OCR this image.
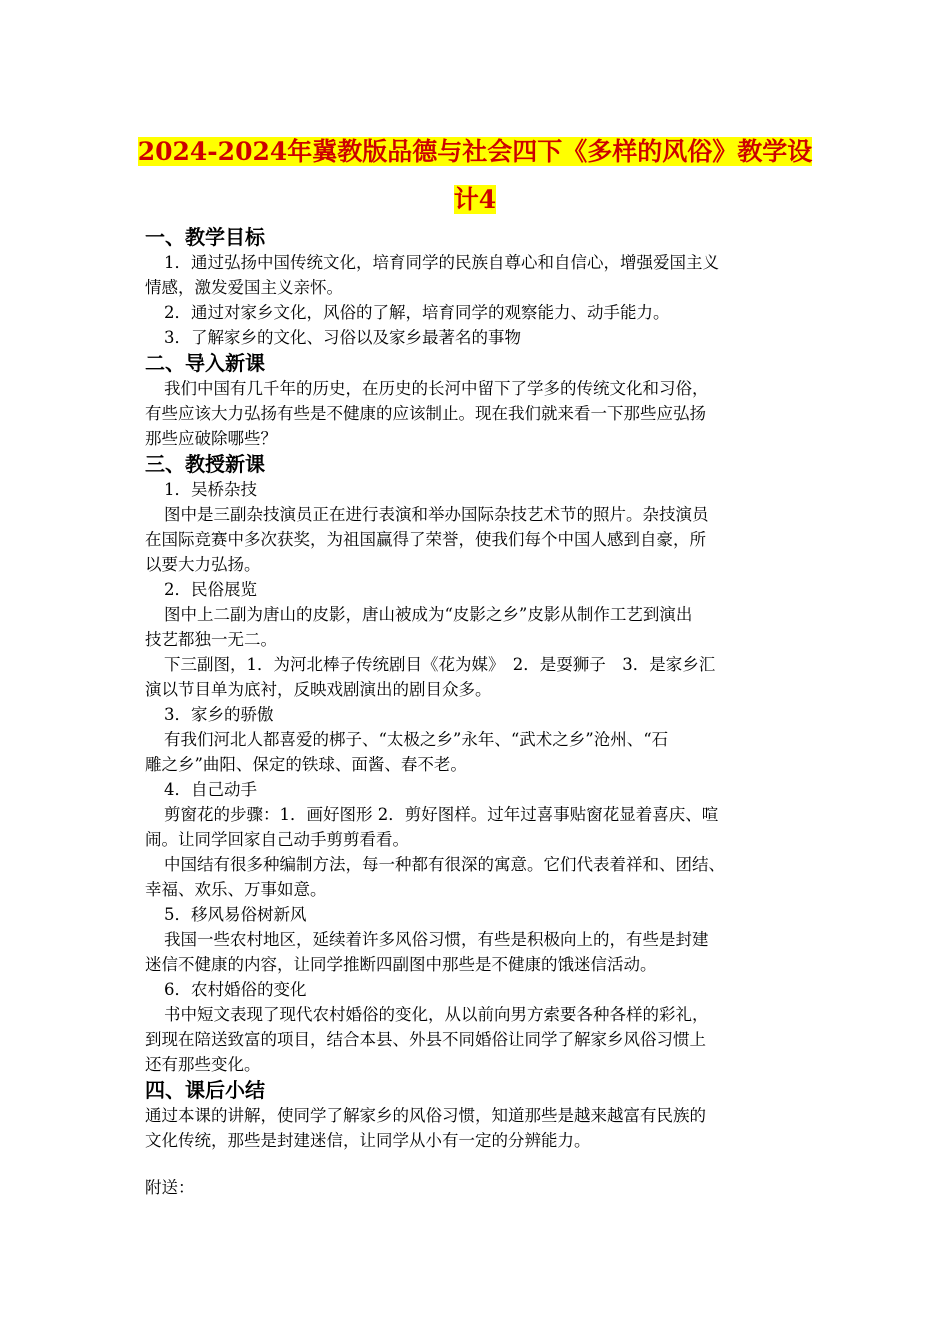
2024-2024年冀教版品德与社会四下《多样的风俗》教学设
计4
一、教学目标
1．通过弘扬中国传统文化，培育同学的民族自尊心和自信心，增强爱国主义
情感，激发爱国主义亲怀。
2．通过对家乡文化，风俗的了解，培育同学的观察能力、动手能力。
3．了解家乡的文化、习俗以及家乡最著名的事物
二、导入新课
我们中国有几千年的历史，在历史的长河中留下了学多的传统文化和习俗，
有些应该大力弘扬有些是不健康的应该制止。现在我们就来看一下那些应弘扬
那些应破除哪些？
三、教授新课
1．吴桥杂技
图中是三副杂技演员正在进行表演和举办国际杂技艺术节的照片。杂技演员
在国际竞赛中多次获奖，为祖国赢得了荣誉，使我们每个中国人感到自豪，所
以要大力弘扬。
2．民俗展览
图中上二副为唐山的皮影，唐山被成为“皮影之乡”皮影从制作工艺到演出
技艺都独一无二。
下三副图，1．为河北棒子传统剧目《花为媒》　2．是耍狮子　3．是家乡汇
演以节目单为底衬，反映戏剧演出的剧目众多。
3．家乡的骄傲
有我们河北人都喜爱的梆子、“太极之乡”永年、“武术之乡”沧州、“石
雕之乡”曲阳、保定的铁球、面酱、春不老。
4．自己动手
剪窗花的步骤：1．画好图形 2．剪好图样。过年过喜事贴窗花显着喜庆、喧
闹。让同学回家自己动手剪剪看看。
中国结有很多种编制方法，每一种都有很深的寓意。它们代表着祥和、团结、
幸福、欢乐、万事如意。
5．移风易俗树新风
我国一些农村地区，延续着许多风俗习惯，有些是积极向上的，有些是封建
迷信不健康的内容，让同学推断四副图中那些是不健康的饿迷信活动。
6．农村婚俗的变化
书中短文表现了现代农村婚俗的变化，从以前向男方索要各种各样的彩礼，
到现在陪送致富的项目，结合本县、外县不同婚俗让同学了解家乡风俗习惯上
还有那些变化。
四、课后小结
通过本课的讲解，使同学了解家乡的风俗习惯，知道那些是越来越富有民族的
文化传统，那些是封建迷信，让同学从小有一定的分辨能力。
附送：
